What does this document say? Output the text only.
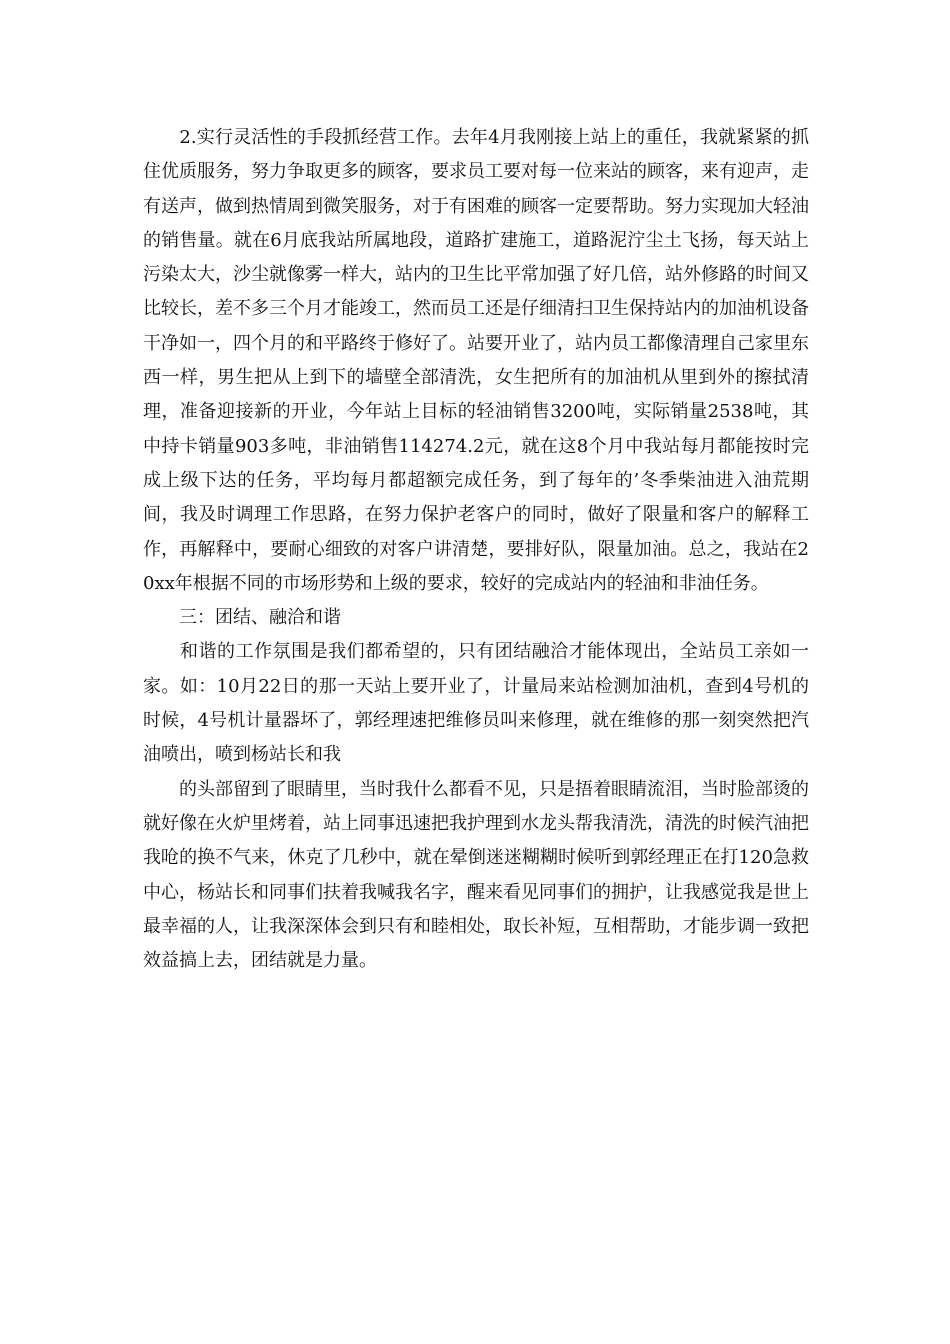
　　2.实行灵活性的手段抓经营工作。去年4月我刚接上站上的重任，我就紧紧的抓住优质服务，努力争取更多的顾客，要求员工要对每一位来站的顾客，来有迎声，走有送声，做到热情周到微笑服务，对于有困难的顾客一定要帮助。努力实现加大轻油的销售量。就在6月底我站所属地段，道路扩建施工，道路泥泞尘土飞扬，每天站上污染太大，沙尘就像雾一样大，站内的卫生比平常加强了好几倍，站外修路的时间又比较长，差不多三个月才能竣工，然而员工还是仔细清扫卫生保持站内的加油机设备干净如一，四个月的和平路终于修好了。站要开业了，站内员工都像清理自己家里东西一样，男生把从上到下的墙壁全部清洗，女生把所有的加油机从里到外的擦拭清理，准备迎接新的开业，今年站上目标的轻油销售3200吨，实际销量2538吨，其中持卡销量903多吨，非油销售114274.2元，就在这8个月中我站每月都能按时完成上级下达的任务，平均每月都超额完成任务，到了每年的’冬季柴油进入油荒期间，我及时调理工作思路，在努力保护老客户的同时，做好了限量和客户的解释工作，再解释中，要耐心细致的对客户讲清楚，要排好队，限量加油。总之，我站在20xx年根据不同的市场形势和上级的要求，较好的完成站内的轻油和非油任务。

　　三：团结、融洽和谐

　　和谐的工作氛围是我们都希望的，只有团结融洽才能体现出，全站员工亲如一家。如：10月22日的那一天站上要开业了，计量局来站检测加油机，查到4号机的时候，4号机计量器坏了，郭经理速把维修员叫来修理，就在维修的那一刻突然把汽油喷出，喷到杨站长和我

　　的头部留到了眼睛里，当时我什么都看不见，只是捂着眼睛流泪，当时脸部烫的就好像在火炉里烤着，站上同事迅速把我护理到水龙头帮我清洗，清洗的时候汽油把我呛的换不气来，休克了几秒中，就在晕倒迷迷糊糊时候听到郭经理正在打120急救中心，杨站长和同事们扶着我喊我名字，醒来看见同事们的拥护，让我感觉我是世上最幸福的人，让我深深体会到只有和睦相处，取长补短，互相帮助，才能步调一致把效益搞上去，团结就是力量。
